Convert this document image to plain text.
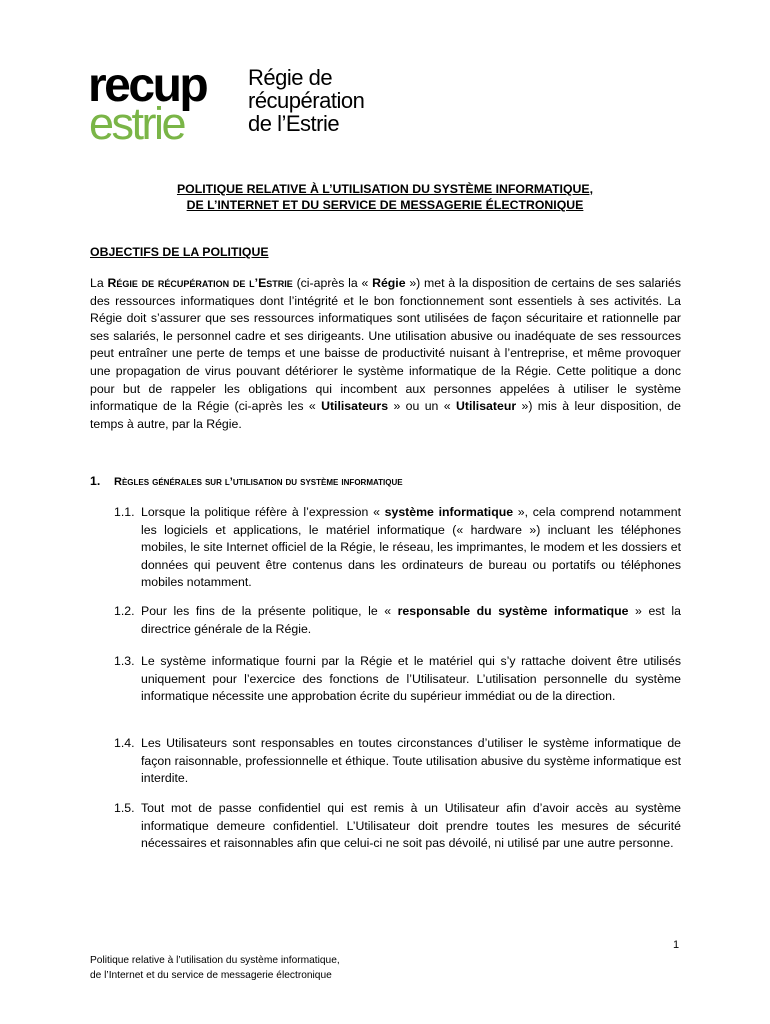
recup
estrie
Régie de
récupération
de l’Estrie
POLITIQUE RELATIVE À L’UTILISATION DU SYSTÈME INFORMATIQUE,
DE L’INTERNET ET DU SERVICE DE MESSAGERIE ÉLECTRONIQUE
OBJECTIFS DE LA POLITIQUE
La Régie de récupération de l’Estrie (ci-après la « Régie ») met à la disposition de certains de ses salariés des ressources informatiques dont l’intégrité et le bon fonctionnement sont essentiels à ses activités. La Régie doit s’assurer que ses ressources informatiques sont utilisées de façon sécuritaire et rationnelle par ses salariés, le personnel cadre et ses dirigeants. Une utilisation abusive ou inadéquate de ses ressources peut entraîner une perte de temps et une baisse de productivité nuisant à l’entreprise, et même provoquer une propagation de virus pouvant détériorer le système informatique de la Régie. Cette politique a donc pour but de rappeler les obligations qui incombent aux personnes appelées à utiliser le système informatique de la Régie (ci-après les « Utilisateurs » ou un « Utilisateur ») mis à leur disposition, de temps à autre, par la Régie.
1. Règles générales sur l’utilisation du système informatique
1.1. Lorsque la politique réfère à l’expression « système informatique », cela comprend notamment les logiciels et applications, le matériel informatique (« hardware ») incluant les téléphones mobiles, le site Internet officiel de la Régie, le réseau, les imprimantes, le modem et les dossiers et données qui peuvent être contenus dans les ordinateurs de bureau ou portatifs ou téléphones mobiles notamment.
1.2. Pour les fins de la présente politique, le « responsable du système informatique » est la directrice générale de la Régie.
1.3. Le système informatique fourni par la Régie et le matériel qui s’y rattache doivent être utilisés uniquement pour l’exercice des fonctions de l’Utilisateur. L’utilisation personnelle du système informatique nécessite une approbation écrite du supérieur immédiat ou de la direction.
1.4. Les Utilisateurs sont responsables en toutes circonstances d’utiliser le système informatique de façon raisonnable, professionnelle et éthique. Toute utilisation abusive du système informatique est interdite.
1.5. Tout mot de passe confidentiel qui est remis à un Utilisateur afin d’avoir accès au système informatique demeure confidentiel. L’Utilisateur doit prendre toutes les mesures de sécurité nécessaires et raisonnables afin que celui-ci ne soit pas dévoilé, ni utilisé par une autre personne.
1
Politique relative à l’utilisation du système informatique,
de l’Internet et du service de messagerie électronique
